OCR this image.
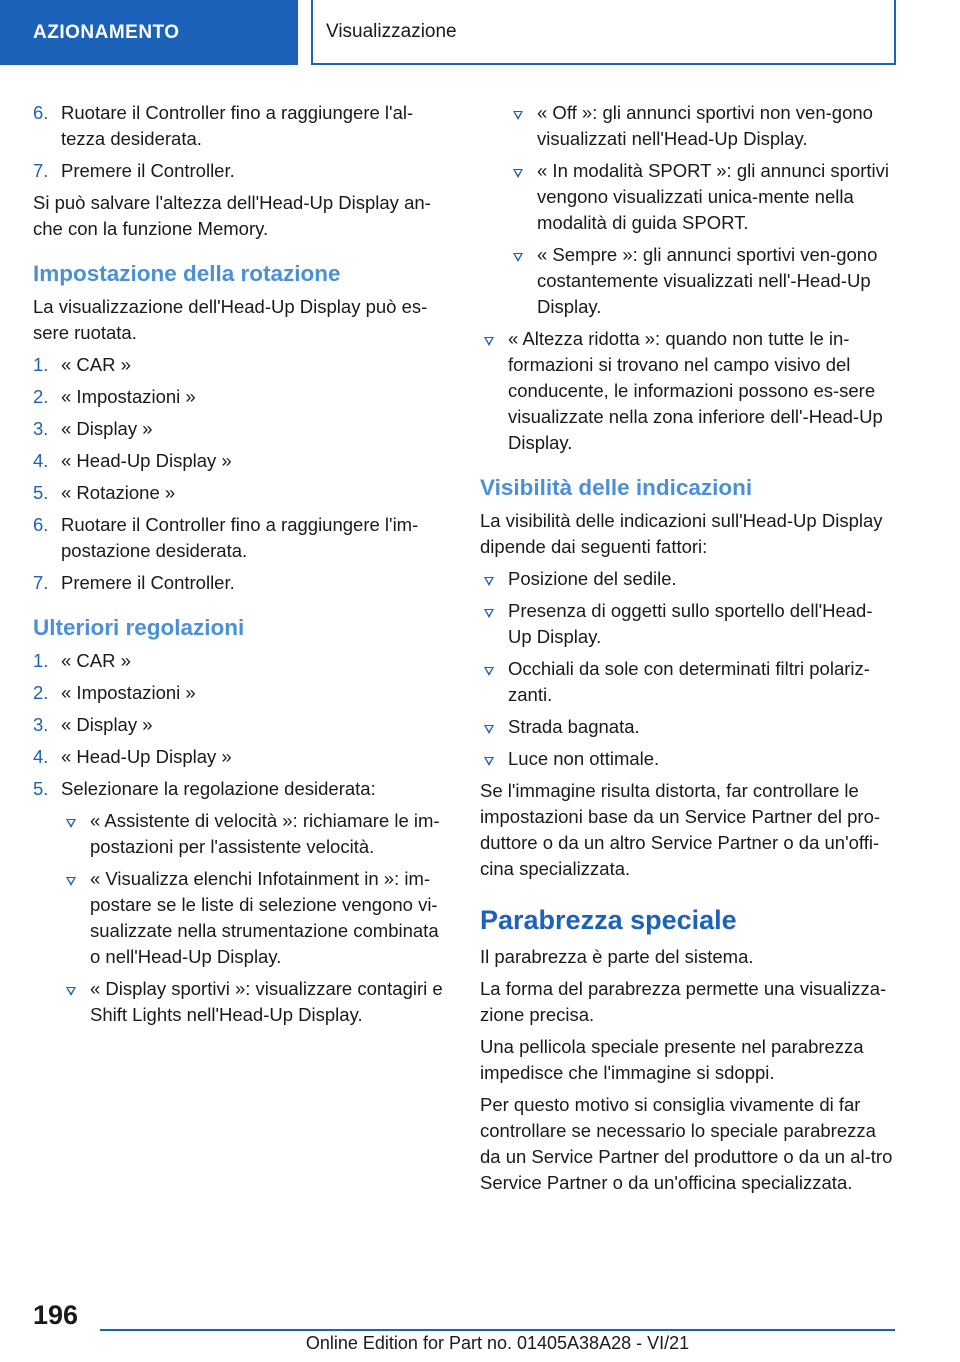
AZIONAMENTO	Visualizzazione
6. Ruotare il Controller fino a raggiungere l'al-tezza desiderata.
7. Premere il Controller.

Si può salvare l'altezza dell'Head-Up Display an-che con la funzione Memory.

Impostazione della rotazione

La visualizzazione dell'Head-Up Display può es-sere ruotata.

1. « CAR »
2. « Impostazioni »
3. « Display »
4. « Head-Up Display »
5. « Rotazione »
6. Ruotare il Controller fino a raggiungere l'im-postazione desiderata.
7. Premere il Controller.
Ulteriori regolazioni
1. « CAR »
2. « Impostazioni »
3. « Display »
4. « Head-Up Display »
5. Selezionare la regolazione desiderata:
« Assistente di velocità »: richiamare le im-postazioni per l'assistente velocità.
« Visualizza elenchi Infotainment in »: im-postare se le liste di selezione vengono vi-sualizzate nella strumentazione combinata o nell'Head-Up Display.
« Display sportivi »: visualizzare contagiri e Shift Lights nell'Head-Up Display.
« Off »: gli annunci sportivi non ven-gono visualizzati nell'Head-Up Display.
« In modalità SPORT »: gli annunci sportivi vengono visualizzati unica-mente nella modalità di guida SPORT.
« Sempre »: gli annunci sportivi ven-gono costantemente visualizzati nell'-Head-Up Display.
« Altezza ridotta »: quando non tutte le in-formazioni si trovano nel campo visivo del conducente, le informazioni possono es-sere visualizzate nella zona inferiore dell'-Head-Up Display.
Visibilità delle indicazioni

La visibilità delle indicazioni sull'Head-Up Display dipende dai seguenti fattori:

Posizione del sedile.
Presenza di oggetti sullo sportello dell'Head-Up Display.
Occhiali da sole con determinati filtri polariz-zanti.
Strada bagnata.
Luce non ottimale.

Se l'immagine risulta distorta, far controllare le impostazioni base da un Service Partner del pro-duttore o da un altro Service Partner o da un'offi-cina specializzata.

Parabrezza speciale

Il parabrezza è parte del sistema.

La forma del parabrezza permette una visualizza-zione precisa.

Una pellicola speciale presente nel parabrezza impedisce che l'immagine si sdoppi.

Per questo motivo si consiglia vivamente di far controllare se necessario lo speciale parabrezza da un Service Partner del produttore o da un al-tro Service Partner o da un'officina specializzata.

196
Online Edition for Part no. 01405A38A28 - VI/21
